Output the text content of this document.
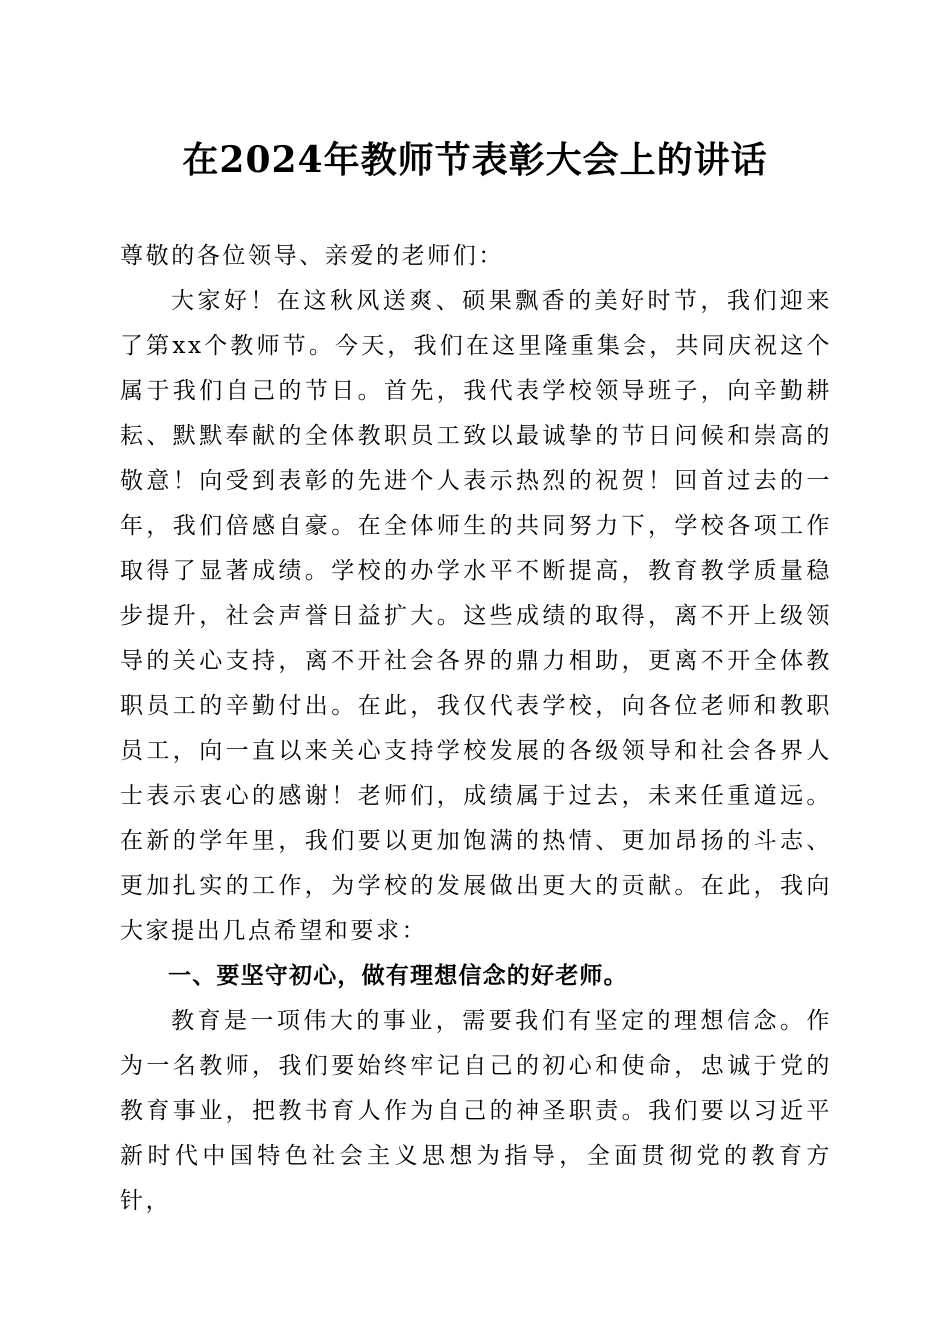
在2024年教师节表彰大会上的讲话

尊敬的各位领导、亲爱的老师们：

大家好！在这秋风送爽、硕果飘香的美好时节，我们迎来了第xx个教师节。今天，我们在这里隆重集会，共同庆祝这个属于我们自己的节日。首先，我代表学校领导班子，向辛勤耕耘、默默奉献的全体教职员工致以最诚挚的节日问候和崇高的敬意！向受到表彰的先进个人表示热烈的祝贺！回首过去的一年，我们倍感自豪。在全体师生的共同努力下，学校各项工作取得了显著成绩。学校的办学水平不断提高，教育教学质量稳步提升，社会声誉日益扩大。这些成绩的取得，离不开上级领导的关心支持，离不开社会各界的鼎力相助，更离不开全体教职员工的辛勤付出。在此，我仅代表学校，向各位老师和教职员工，向一直以来关心支持学校发展的各级领导和社会各界人士表示衷心的感谢！老师们，成绩属于过去，未来任重道远。在新的学年里，我们要以更加饱满的热情、更加昂扬的斗志、更加扎实的工作，为学校的发展做出更大的贡献。在此，我向大家提出几点希望和要求：

一、要坚守初心，做有理想信念的好老师。

教育是一项伟大的事业，需要我们有坚定的理想信念。作为一名教师，我们要始终牢记自己的初心和使命，忠诚于党的教育事业，把教书育人作为自己的神圣职责。我们要以习近平新时代中国特色社会主义思想为指导，全面贯彻党的教育方针，
